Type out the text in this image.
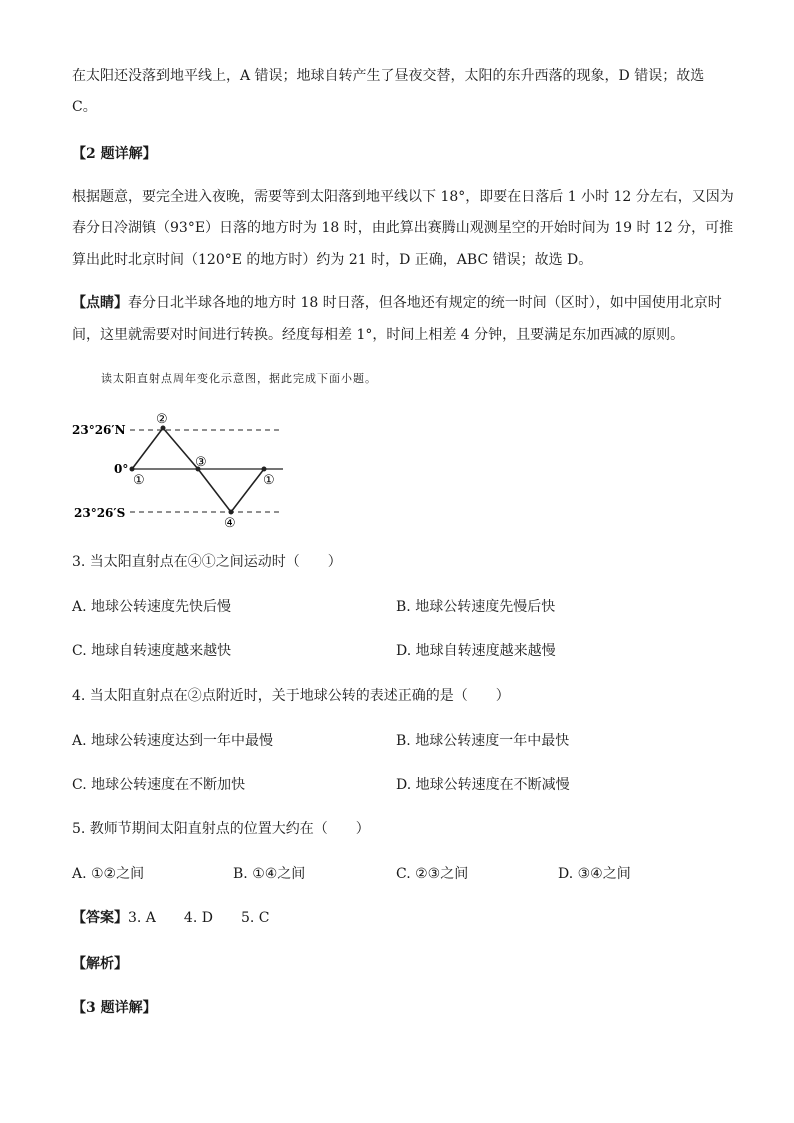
在太阳还没落到地平线上，A 错误；地球自转产生了昼夜交替，太阳的东升西落的现象，D 错误；故选
C。
【2 题详解】
根据题意，要完全进入夜晚，需要等到太阳落到地平线以下 18°，即要在日落后 1 小时 12 分左右，又因为
春分日冷湖镇（93°E）日落的地方时为 18 时，由此算出赛腾山观测星空的开始时间为 19 时 12 分，可推
算出此时北京时间（120°E 的地方时）约为 21 时，D 正确，ABC 错误；故选 D。
【点睛】春分日北半球各地的地方时 18 时日落，但各地还有规定的统一时间（区时），如中国使用北京时
间，这里就需要对时间进行转换。经度每相差 1°，时间上相差 4 分钟，且要满足东加西减的原则。
读太阳直射点周年变化示意图，据此完成下面小题。
23°26′N
0°
23°26′S
①
②
③
①
④
3. 当太阳直射点在④①之间运动时（　　）
A. 地球公转速度先快后慢	B. 地球公转速度先慢后快
C. 地球自转速度越来越快	D. 地球自转速度越来越慢
4. 当太阳直射点在②点附近时，关于地球公转的表述正确的是（　　）
A. 地球公转速度达到一年中最慢	B. 地球公转速度一年中最快
C. 地球公转速度在不断加快	D. 地球公转速度在不断减慢
5. 教师节期间太阳直射点的位置大约在（　　）
A. ①②之间	B. ①④之间	C. ②③之间	D. ③④之间
【答案】3. A　　4. D　　5. C
【解析】
【3 题详解】
